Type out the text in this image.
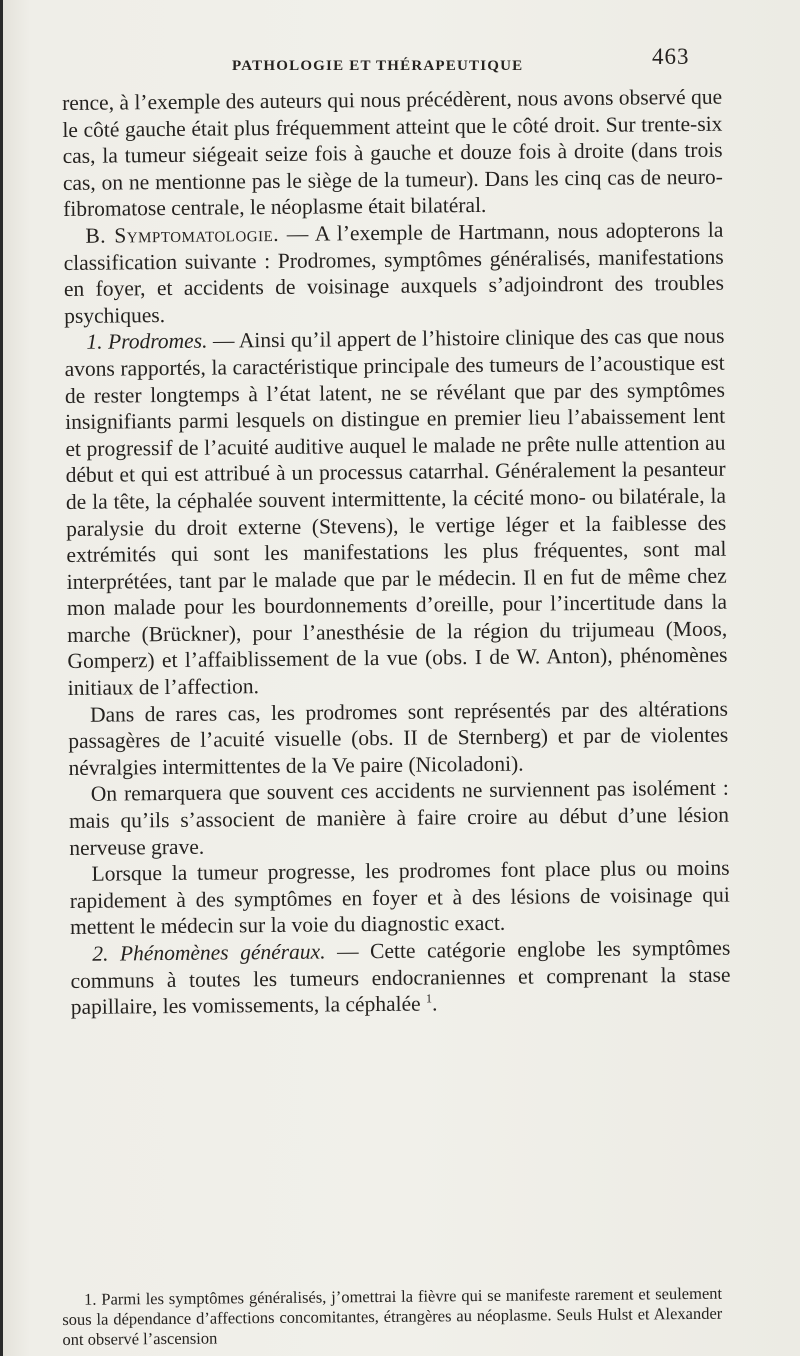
PATHOLOGIE ET THÉRAPEUTIQUE	463

rence, à l’exemple des auteurs qui nous précédèrent, nous avons observé que le côté gauche était plus fréquemment atteint que le côté droit. Sur trente-six cas, la tumeur siégeait seize fois à gauche et douze fois à droite (dans trois cas, on ne mentionne pas le siège de la tumeur). Dans les cinq cas de neuro-fibromatose centrale, le néoplasme était bilatéral.

B. Symptomatologie. — A l’exemple de Hartmann, nous adopterons la classification suivante : Prodromes, symptômes généralisés, manifestations en foyer, et accidents de voisinage auxquels s’adjoindront des troubles psychiques.

1. Prodromes. — Ainsi qu’il appert de l’histoire clinique des cas que nous avons rapportés, la caractéristique principale des tumeurs de l’acoustique est de rester longtemps à l’état latent, ne se révélant que par des symptômes insignifiants parmi lesquels on distingue en premier lieu l’abaissement lent et progressif de l’acuité auditive auquel le malade ne prête nulle attention au début et qui est attribué à un processus catarrhal. Généralement la pesanteur de la tête, la céphalée souvent intermittente, la cécité mono- ou bilatérale, la paralysie du droit externe (Stevens), le vertige léger et la faiblesse des extrémités qui sont les manifestations les plus fréquentes, sont mal interprétées, tant par le malade que par le médecin. Il en fut de même chez mon malade pour les bourdonnements d’oreille, pour l’incertitude dans la marche (Brückner), pour l’anesthésie de la région du trijumeau (Moos, Gomperz) et l’affaiblissement de la vue (obs. I de W. Anton), phénomènes initiaux de l’affection.

Dans de rares cas, les prodromes sont représentés par des altérations passagères de l’acuité visuelle (obs. II de Sternberg) et par de violentes névralgies intermittentes de la Ve paire (Nicoladoni).

On remarquera que souvent ces accidents ne surviennent pas isolément : mais qu’ils s’associent de manière à faire croire au début d’une lésion nerveuse grave.

Lorsque la tumeur progresse, les prodromes font place plus ou moins rapidement à des symptômes en foyer et à des lésions de voisinage qui mettent le médecin sur la voie du diagnostic exact.

2. Phénomènes généraux. — Cette catégorie englobe les symptômes communs à toutes les tumeurs endocraniennes et comprenant la stase papillaire, les vomissements, la céphalée $^1$.

1. Parmi les symptômes généralisés, j’omettrai la fièvre qui se manifeste rarement et seulement sous la dépendance d’affections concomitantes, étrangères au néoplasme. Seuls Hulst et Alexander ont observé l’ascension
